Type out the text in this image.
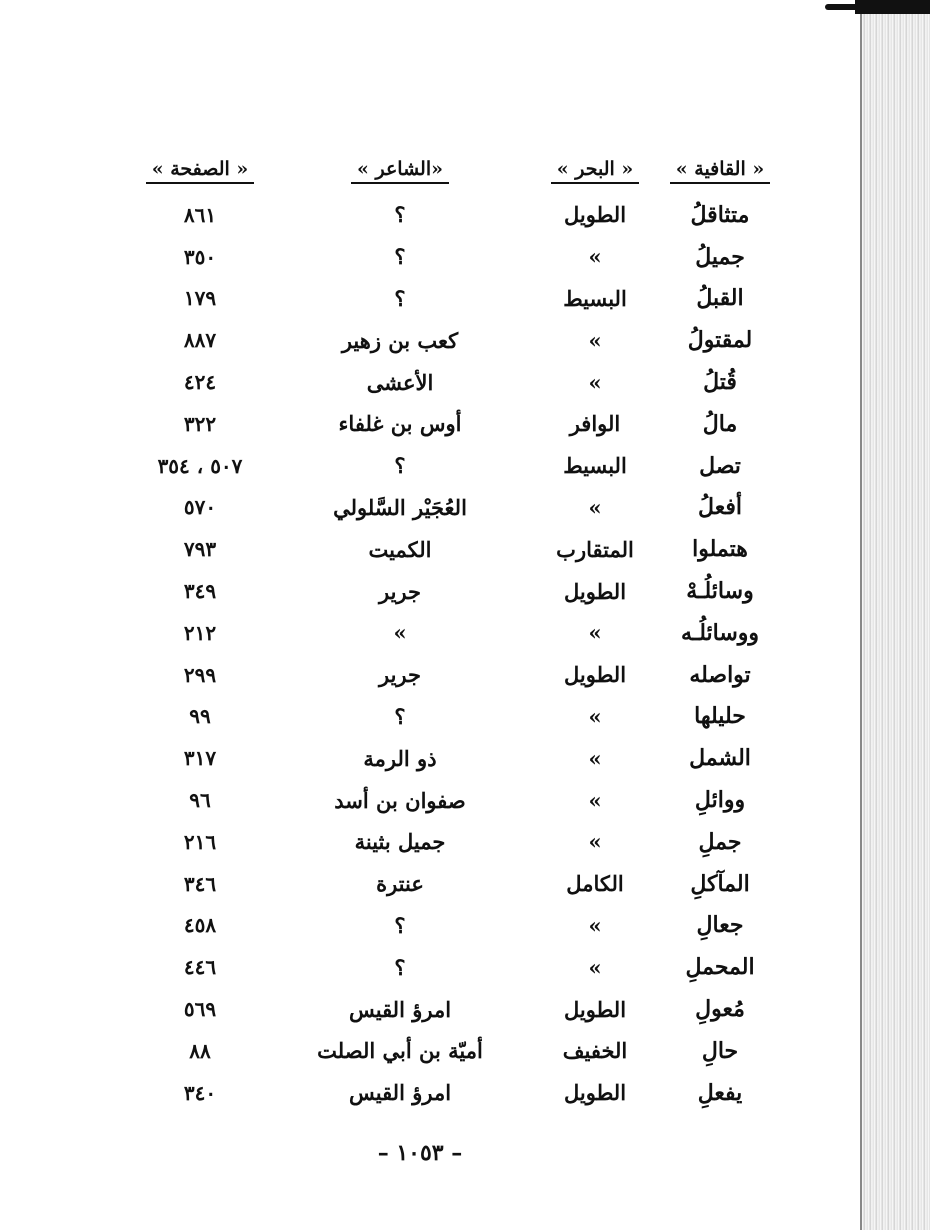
« القافية »	« البحر »	«الشاعر »	« الصفحة »
متثاقلُ	الطويل	؟	٨٦١
جميلُ	»	؟	٣٥٠
القبلُ	البسيط	؟	١٧٩
لمقتولُ	»	كعب بن زهير	٨٨٧
قُتلُ	»	الأعشى	٤٢٤
مالُ	الوافر	أوس بن غلفاء	٣٢٢
تصل	البسيط	؟	٥٠٧ ، ٣٥٤
أفعلُ	»	العُجَيْر السَّلولي	٥٧٠
هتملوا	المتقارب	الكميت	٧٩٣
وسائلُـهْ	الطويل	جرير	٣٤٩
ووسائلُـه	»	»	٢١٢
تواصله	الطويل	جرير	٢٩٩
حليلها	»	؟	٩٩
الشمل	»	ذو الرمة	٣١٧
ووائلِ	»	صفوان بن أسد	٩٦
جملِ	»	جميل بثينة	٢١٦
المآكلِ	الكامل	عنترة	٣٤٦
جعالِ	»	؟	٤٥٨
المحملِ	»	؟	٤٤٦
مُعولِ	الطويل	امرؤ القيس	٥٦٩
حالِ	الخفيف	أميّة بن أبي الصلت	٨٨
يفعلِ	الطويل	امرؤ القيس	٣٤٠
– ١٠٥٣ –
